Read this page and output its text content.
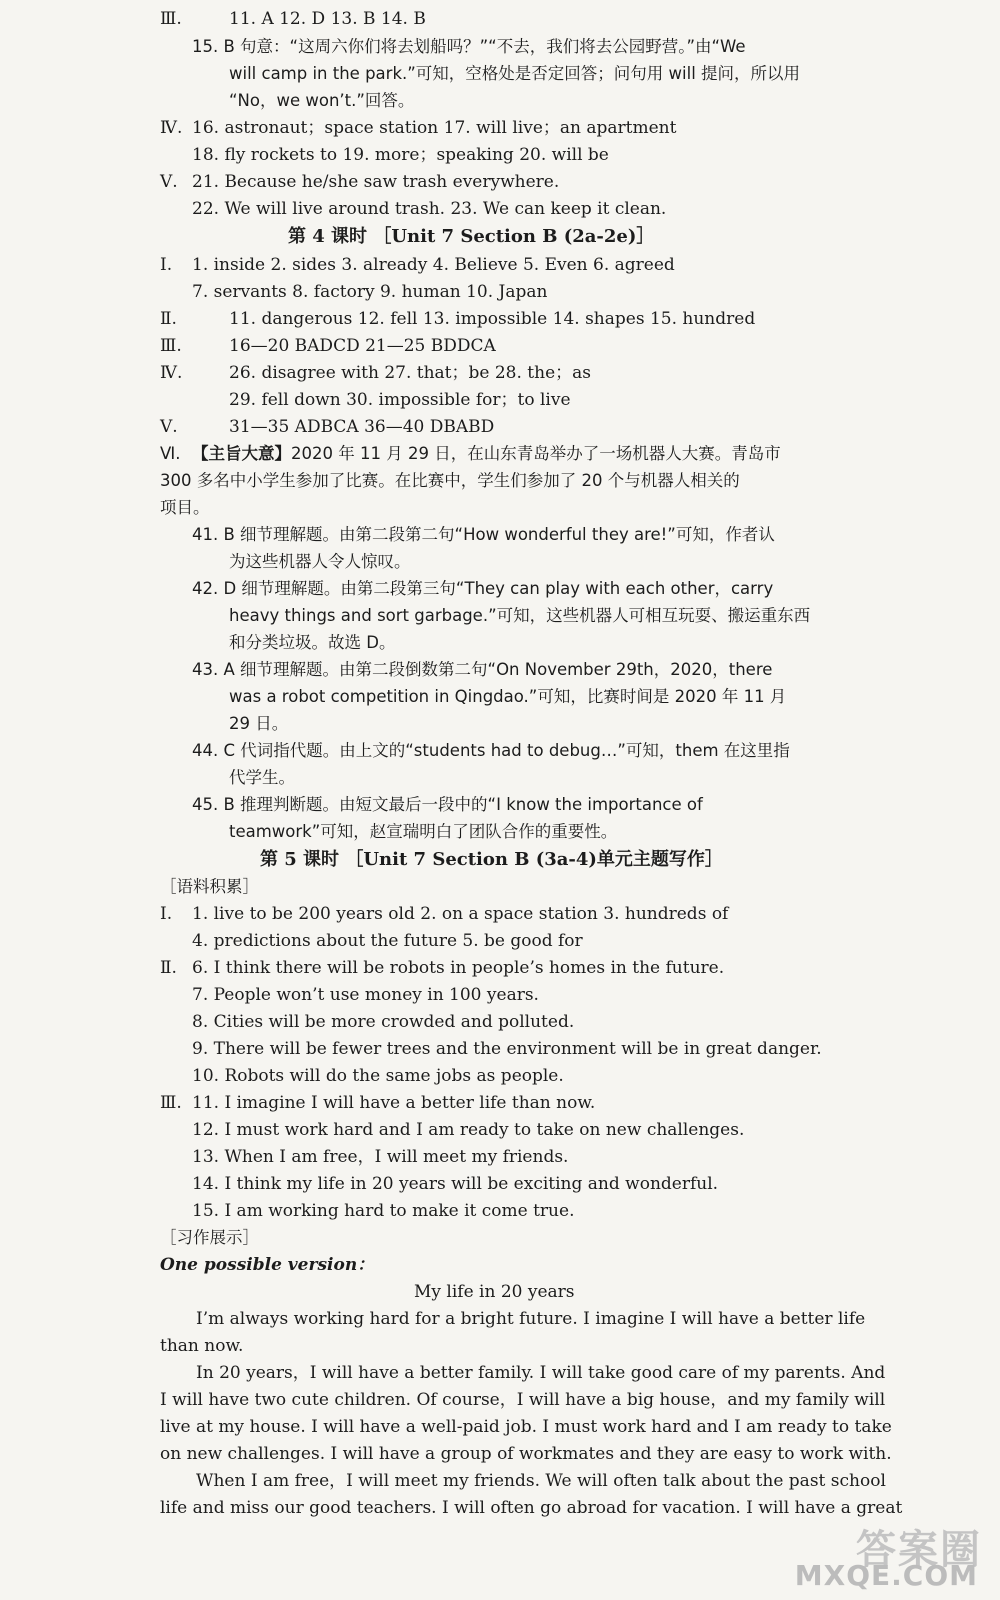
Ⅲ.	11. A 12. D 13. B 14. B
15. B 句意：“这周六你们将去划船吗？”“不去，我们将去公园野营。”由“We
will camp in the park.”可知，空格处是否定回答；问句用 will 提问，所以用
“No，we won’t.”回答。
Ⅳ. 16. astronaut；space station 17. will live；an apartment
18. fly rockets to 19. more；speaking 20. will be
Ⅴ. 21. Because he/she saw trash everywhere.
22. We will live around trash. 23. We can keep it clean.
第 4 课时 ［Unit 7 Section B (2a-2e)］
Ⅰ. 1. inside 2. sides 3. already 4. Believe 5. Even 6. agreed
7. servants 8. factory 9. human 10. Japan
Ⅱ.	11. dangerous 12. fell 13. impossible 14. shapes 15. hundred
Ⅲ.	16—20 BADCD 21—25 BDDCA
Ⅳ.	26. disagree with 27. that；be 28. the；as
29. fell down 30. impossible for；to live
Ⅴ.	31—35 ADBCA 36—40 DBABD
Ⅵ. 【主旨大意】2020 年 11 月 29 日，在山东青岛举办了一场机器人大赛。青岛市
300 多名中小学生参加了比赛。在比赛中，学生们参加了 20 个与机器人相关的
项目。
41. B 细节理解题。由第二段第二句“How wonderful they are!”可知，作者认
为这些机器人令人惊叹。
42. D 细节理解题。由第二段第三句“They can play with each other，carry
heavy things and sort garbage.”可知，这些机器人可相互玩耍、搬运重东西
和分类垃圾。故选 D。
43. A 细节理解题。由第二段倒数第二句“On November 29th，2020，there
was a robot competition in Qingdao.”可知，比赛时间是 2020 年 11 月
29 日。
44. C 代词指代题。由上文的“students had to debug…”可知，them 在这里指
代学生。
45. B 推理判断题。由短文最后一段中的“I know the importance of
teamwork”可知，赵宣瑞明白了团队合作的重要性。
第 5 课时 ［Unit 7 Section B (3a-4)单元主题写作］
［语料积累］
Ⅰ. 1. live to be 200 years old 2. on a space station 3. hundreds of
4. predictions about the future 5. be good for
Ⅱ. 6. I think there will be robots in people’s homes in the future.
7. People won’t use money in 100 years.
8. Cities will be more crowded and polluted.
9. There will be fewer trees and the environment will be in great danger.
10. Robots will do the same jobs as people.
Ⅲ. 11. I imagine I will have a better life than now.
12. I must work hard and I am ready to take on new challenges.
13. When I am free，I will meet my friends.
14. I think my life in 20 years will be exciting and wonderful.
15. I am working hard to make it come true.
［习作展示］
One possible version：
My life in 20 years
I’m always working hard for a bright future. I imagine I will have a better life
than now.
In 20 years，I will have a better family. I will take good care of my parents. And
I will have two cute children. Of course，I will have a big house，and my family will
live at my house. I will have a well-paid job. I must work hard and I am ready to take
on new challenges. I will have a group of workmates and they are easy to work with.
When I am free，I will meet my friends. We will often talk about the past school
life and miss our good teachers. I will often go abroad for vacation. I will have a great
答案圈
MXQE.COM
